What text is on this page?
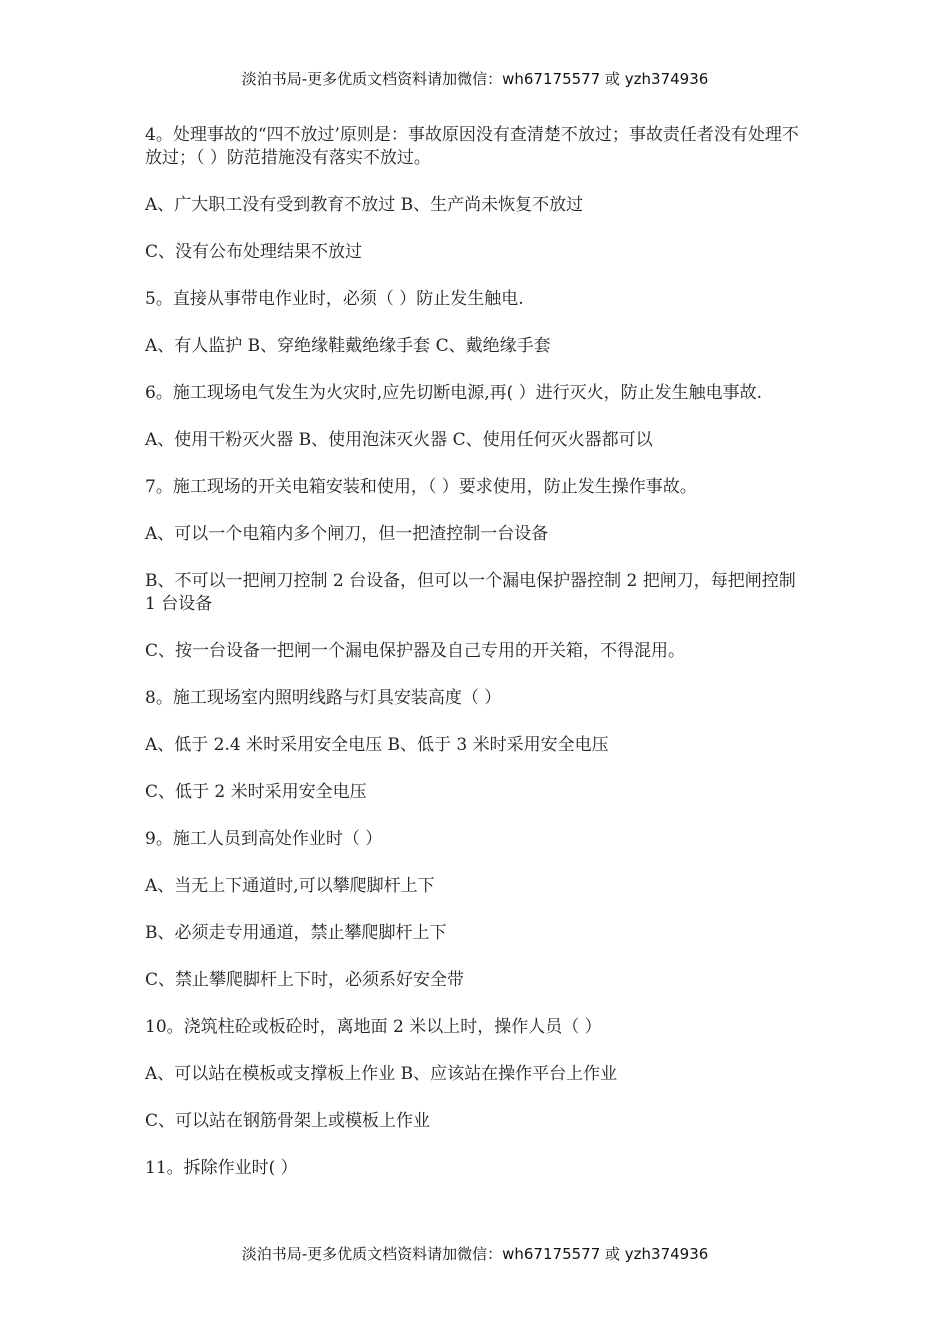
淡泊书局-更多优质文档资料请加微信：wh67175577 或 yzh374936

4。处理事故的“四不放过’原则是：事故原因没有查清楚不放过；事故责任者没有处理不放过；（ ）防范措施没有落实不放过。

A、广大职工没有受到教育不放过 B、生产尚未恢复不放过

C、没有公布处理结果不放过

5。直接从事带电作业时，必须（ ）防止发生触电.

A、有人监护 B、穿绝缘鞋戴绝缘手套 C、戴绝缘手套

6。施工现场电气发生为火灾时,应先切断电源,再( ）进行灭火，防止发生触电事故.

A、使用干粉灭火器 B、使用泡沫灭火器 C、使用任何灭火器都可以

7。施工现场的开关电箱安装和使用，（ ）要求使用，防止发生操作事故。

A、可以一个电箱内多个闸刀，但一把渣控制一台设备

B、不可以一把闸刀控制 2 台设备，但可以一个漏电保护器控制 2 把闸刀，每把闸控制 1 台设备

C、按一台设备一把闸一个漏电保护器及自己专用的开关箱，不得混用。

8。施工现场室内照明线路与灯具安装高度（ ）

A、低于 2.4 米时采用安全电压 B、低于 3 米时采用安全电压

C、低于 2 米时采用安全电压

9。施工人员到高处作业时（ ）

A、当无上下通道时,可以攀爬脚杆上下

B、必须走专用通道，禁止攀爬脚杆上下

C、禁止攀爬脚杆上下时，必须系好安全带

10。浇筑柱砼或板砼时，离地面 2 米以上时，操作人员（ ）

A、可以站在模板或支撑板上作业 B、应该站在操作平台上作业

C、可以站在钢筋骨架上或模板上作业

11。拆除作业时( ）

淡泊书局-更多优质文档资料请加微信：wh67175577 或 yzh374936
